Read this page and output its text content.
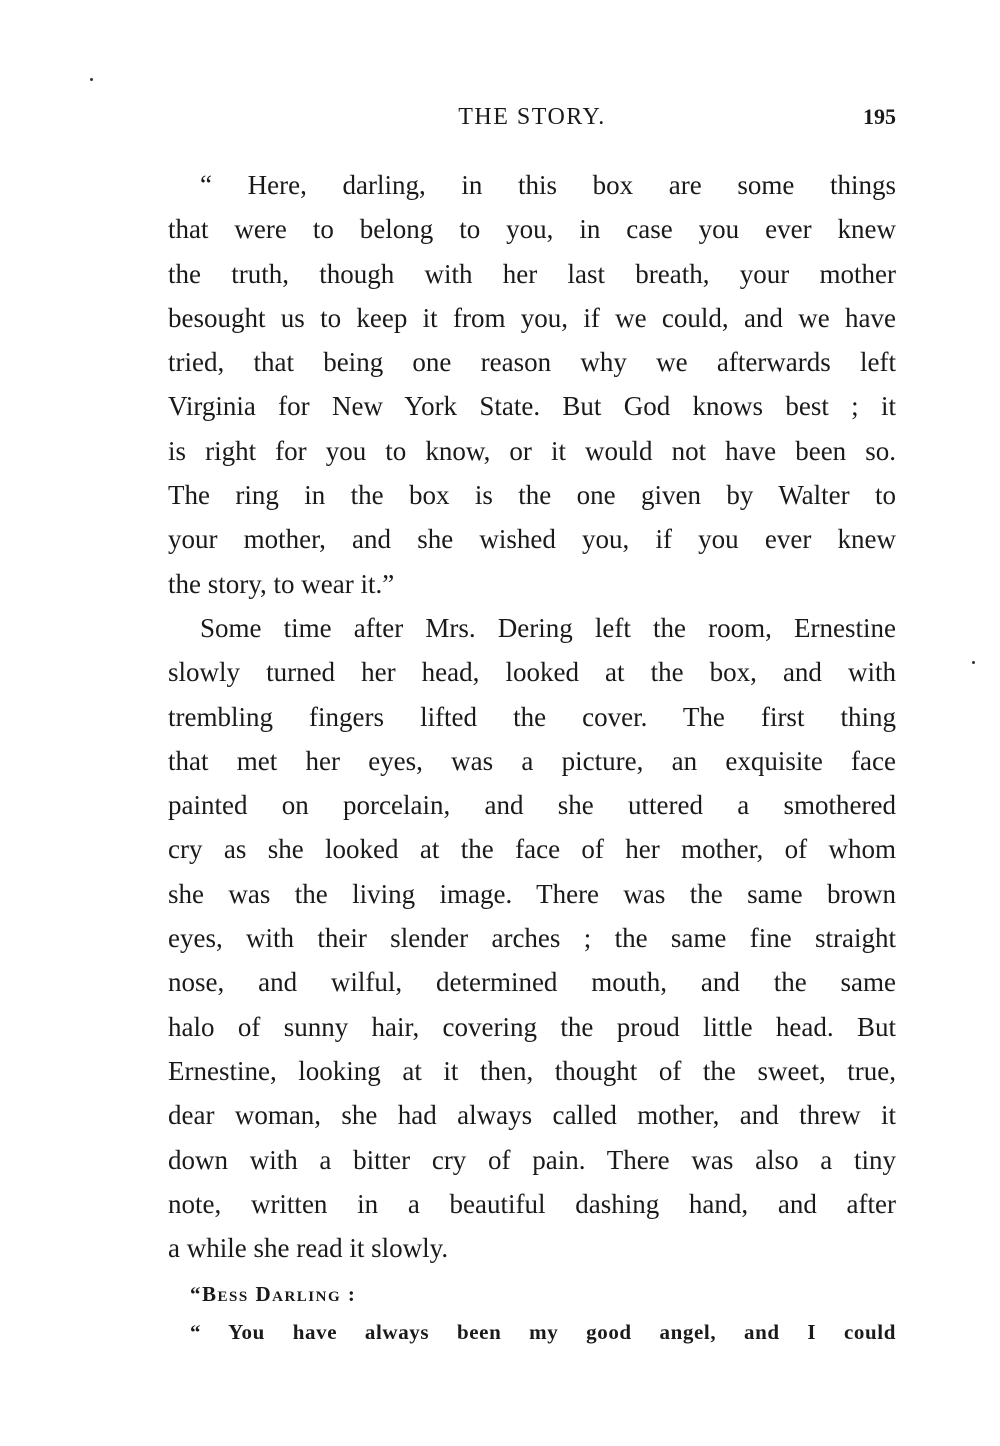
THE STORY.	195
“ Here, darling, in this box are some things
that were to belong to you, in case you ever knew
the truth, though with her last breath, your mother
besought us to keep it from you, if we could, and we have
tried, that being one reason why we afterwards left
Virginia for New York State. But God knows best ; it
is right for you to know, or it would not have been so.
The ring in the box is the one given by Walter to
your mother, and she wished you, if you ever knew
the story, to wear it.”
Some time after Mrs. Dering left the room, Ernestine
slowly turned her head, looked at the box, and with
trembling fingers lifted the cover. The first thing
that met her eyes, was a picture, an exquisite face
painted on porcelain, and she uttered a smothered
cry as she looked at the face of her mother, of whom
she was the living image. There was the same brown
eyes, with their slender arches ; the same fine straight
nose, and wilful, determined mouth, and the same
halo of sunny hair, covering the proud little head. But
Ernestine, looking at it then, thought of the sweet, true,
dear woman, she had always called mother, and threw it
down with a bitter cry of pain. There was also a tiny
note, written in a beautiful dashing hand, and after
a while she read it slowly.
“Bess Darling :
“ You have always been my good angel, and I could
